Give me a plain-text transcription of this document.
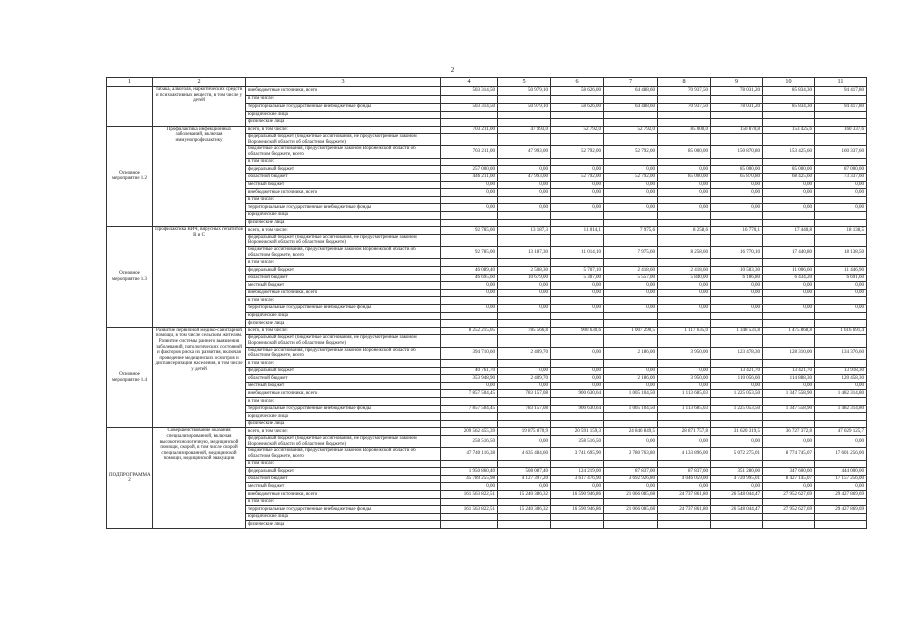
2
1	2	3	4	5	6	7	8	9	10	11
	табака, алкоголя, наркотических средств и психоактивных веществ, в том числе у детей	внебюджетные источники, всего	503 314,50	50 979,10	58 626,00	64 488,60	70 937,50	78 031,20	85 834,30	94 417,80
		в том числе:								
		территориальные государственные внебюджетные фонды	503 314,50	50 979,10	58 626,00	64 488,60	70 937,50	78 031,20	85 834,30	94 417,80
		юридические лица								
		физические лица								
Основное мероприятие 1.2	Профилактика инфекционных заболеваний, включая иммунопрофилактику	всего, в том числе:	703 211,00	47 993,0	52 792,0	52 792,0	85 000,0	150 870,8	153 425,6	160 337,6
		федеральный бюджет (бюджетные ассигнования, не предусмотренные законом Воронежской области об областном бюджете)								
		бюджетные ассигнования, предусмотренные законом Воронежской области об областном бюджете, всего	703 211,00	47 993,00	52 792,00	52 792,00	85 000,00	150 870,80	153 425,60	160 337,60
		в том числе:								
		федеральный бюджет	257 000,00	0,00	0,00	0,00	0,00	85 000,00	85 000,00	87 000,00
		областной бюджет	446 211,00	47 993,00	52 792,00	52 792,00	85 000,00	65 870,80	68 425,60	73 337,60
		местный бюджет	0,00	0,00	0,00	0,00	0,00	0,00	0,00	0,00
		внебюджетные источники, всего	0,00	0,00	0,00	0,00	0,00	0,00	0,00	0,00
		в том числе:								
		территориальные государственные внебюджетные фонды	0,00	0,00	0,00	0,00	0,00	0,00	0,00	0,00
		юридические лица								
		физические лица								
Основное мероприятие 1.3	Профилактика ВИЧ, вирусных гепатитов В и С	всего, в том числе:	92 785,00	13 187,3	11 014,1	7 975,6	8 258,6	16 770,1	17 440,8	18 138,5
		федеральный бюджет (бюджетные ассигнования, не предусмотренные законом Воронежской области об областном бюджете)								
		бюджетные ассигнования, предусмотренные законом Воронежской области об областном бюджете, всего	92 785,00	13 187,30	11 014,10	7 975,60	8 258,60	16 770,10	17 440,80	18 138,50
		в том числе:								
		федеральный бюджет	46 089,40	2 508,30	5 707,10	2 418,60	2 418,60	10 583,30	11 006,60	11 446,90
		областной бюджет	46 695,60	10 679,00	5 307,00	5 557,00	5 840,00	6 186,80	6 434,20	6 691,60
		местный бюджет	0,00	0,00	0,00	0,00	0,00	0,00	0,00	0,00
		внебюджетные источники, всего	0,00	0,00	0,00	0,00	0,00	0,00	0,00	0,00
		в том числе:								
		территориальные государственные внебюджетные фонды	0,00	0,00	0,00	0,00	0,00	0,00	0,00	0,00
		юридические лица								
		физические лица								
Основное мероприятие 1.4	Развитие первичной медико-санитарной помощи, в том числе сельским жителям. Развитие системы раннего выявления заболеваний, патологических состояний и факторов риска их развития, включая проведение медицинских осмотров и диспансеризации населения, в том числе у детей	всего, в том числе:	8 252 215,05	785 566,8	900 630,6	1 007 290,5	1 117 635,0	1 348 531,8	1 475 868,8	1 616 691,4
		федеральный бюджет (бюджетные ассигнования, не предусмотренные законом Воронежской области об областном бюджете)								
		бюджетные ассигнования, предусмотренные законом Воронежской области об областном бюджете, всего	394 710,60	2 409,70	0,00	2 186,00	3 950,00	123 478,30	128 310,00	134 376,60
		в том числе:								
		федеральный бюджет	40 761,70	0,00	0,00	0,00	0,00	13 421,70	13 421,70	13 918,30
		областной бюджет	353 948,90	2 409,70	0,00	2 186,00	3 950,00	110 056,60	114 888,30	120 458,30
		местный бюджет	0,00	0,00	0,00	0,00	0,00	0,00	0,00	0,00
		внебюджетные источники, всего	7 857 504,45	783 157,08	900 630,64	1 005 104,50	1 113 685,03	1 225 053,50	1 347 558,90	1 482 314,80
		в том числе:								
		территориальные государственные внебюджетные фонды	7 857 504,45	783 157,08	900 630,64	1 005 104,50	1 113 685,03	1 225 053,50	1 347 558,90	1 482 314,80
		юридические лица								
		физические лица								
ПОДПРОГРАММА 2	Совершенствование оказания специализированной, включая высокотехнологичную, медицинской помощи, скорой, в том числе скорой специализированной, медицинской помощи, медицинской эвакуации	всего, в том числе:	209 562 455,39	19 875 870,9	20 591 159,3	24 846 849,5	28 871 757,8	31 620 319,5	36 727 372,8	47 029 125,7
		федеральный бюджет (бюджетные ассигнования, не предусмотренные законом Воронежской области об областном бюджете)	258 516,50	0,00	258 516,50	0,00	0,00	0,00	0,00	0,00
		бюджетные ассигнования, предусмотренные законом Воронежской области об областном бюджете, всего	47 740 116,38	4 635 484,60	3 741 695,90	3 780 763,80	4 133 896,00	5 072 275,01	8 774 745,07	17 601 256,00
		в том числе:								
		федеральный бюджет	1 950 860,40	508 087,40	124 219,00	87 837,00	87 837,00	351 280,00	347 600,00	444 000,00
		областной бюджет	45 789 255,98	4 127 397,20	3 617 476,90	3 692 926,80	4 046 059,00	4 720 995,01	8 427 145,07	17 157 256,00
		местный бюджет	0,00	0,00	0,00	0,00	0,00	0,00	0,00	0,00
		внебюджетные источники, всего	161 563 822,51	15 240 386,32	16 590 946,86	21 066 085,68	24 737 861,80	26 548 044,47	27 952 627,69	29 427 869,69
		в том числе:								
		территориальные государственные внебюджетные фонды	161 563 822,51	15 240 386,32	16 590 946,86	21 066 085,68	24 737 861,80	26 548 044,47	27 952 627,69	29 427 869,69
		юридические лица								
		физические лица								
